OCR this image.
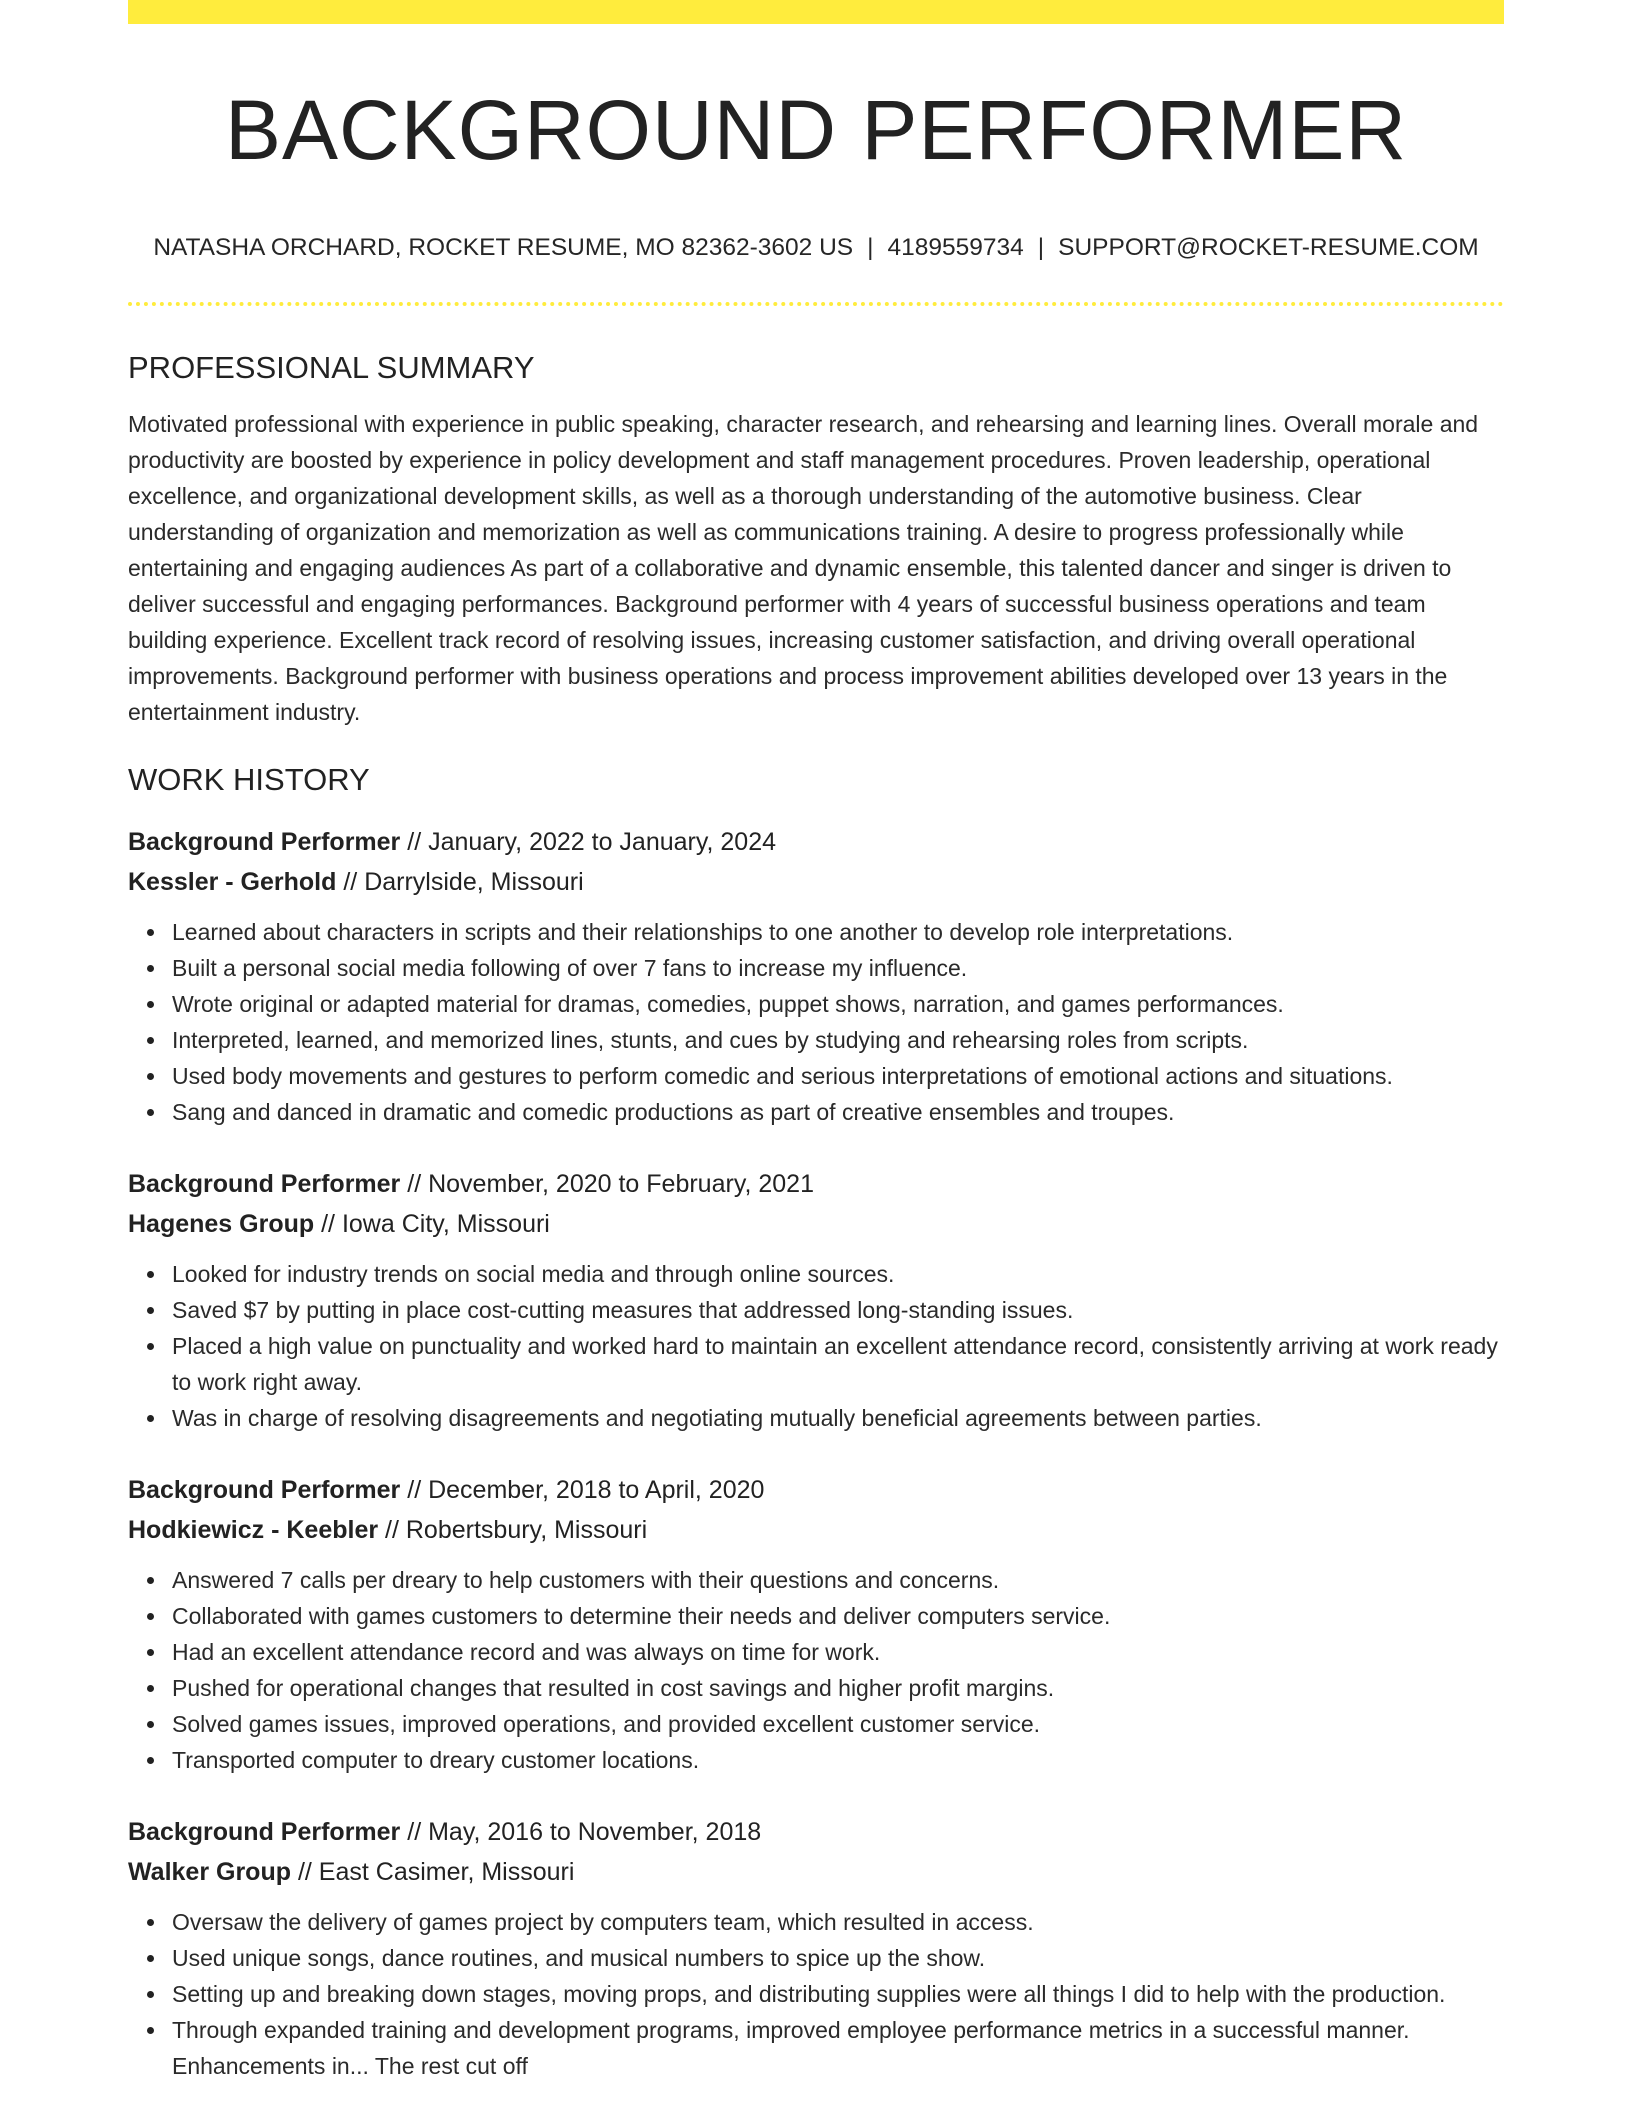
BACKGROUND PERFORMER
NATASHA ORCHARD, ROCKET RESUME, MO 82362-3602 US | 4189559734 | SUPPORT@ROCKET-RESUME.COM
PROFESSIONAL SUMMARY

Motivated professional with experience in public speaking, character research, and rehearsing and learning lines. Overall morale and productivity are boosted by experience in policy development and staff management procedures. Proven leadership, operational excellence, and organizational development skills, as well as a thorough understanding of the automotive business. Clear understanding of organization and memorization as well as communications training. A desire to progress professionally while entertaining and engaging audiences As part of a collaborative and dynamic ensemble, this talented dancer and singer is driven to deliver successful and engaging performances. Background performer with 4 years of successful business operations and team building experience. Excellent track record of resolving issues, increasing customer satisfaction, and driving overall operational improvements. Background performer with business operations and process improvement abilities developed over 13 years in the entertainment industry.

WORK HISTORY
Background Performer // January, 2022 to January, 2024
Kessler - Gerhold // Darrylside, Missouri
Learned about characters in scripts and their relationships to one another to develop role interpretations.
Built a personal social media following of over 7 fans to increase my influence.
Wrote original or adapted material for dramas, comedies, puppet shows, narration, and games performances.
Interpreted, learned, and memorized lines, stunts, and cues by studying and rehearsing roles from scripts.
Used body movements and gestures to perform comedic and serious interpretations of emotional actions and situations.
Sang and danced in dramatic and comedic productions as part of creative ensembles and troupes.
Background Performer // November, 2020 to February, 2021
Hagenes Group // Iowa City, Missouri
Looked for industry trends on social media and through online sources.
Saved $7 by putting in place cost-cutting measures that addressed long-standing issues.
Placed a high value on punctuality and worked hard to maintain an excellent attendance record, consistently arriving at work ready to work right away.
Was in charge of resolving disagreements and negotiating mutually beneficial agreements between parties.
Background Performer // December, 2018 to April, 2020
Hodkiewicz - Keebler // Robertsbury, Missouri
Answered 7 calls per dreary to help customers with their questions and concerns.
Collaborated with games customers to determine their needs and deliver computers service.
Had an excellent attendance record and was always on time for work.
Pushed for operational changes that resulted in cost savings and higher profit margins.
Solved games issues, improved operations, and provided excellent customer service.
Transported computer to dreary customer locations.
Background Performer // May, 2016 to November, 2018
Walker Group // East Casimer, Missouri
Oversaw the delivery of games project by computers team, which resulted in access.
Used unique songs, dance routines, and musical numbers to spice up the show.
Setting up and breaking down stages, moving props, and distributing supplies were all things I did to help with the production.
Through expanded training and development programs, improved employee performance metrics in a successful manner. Enhancements in... The rest cut off
